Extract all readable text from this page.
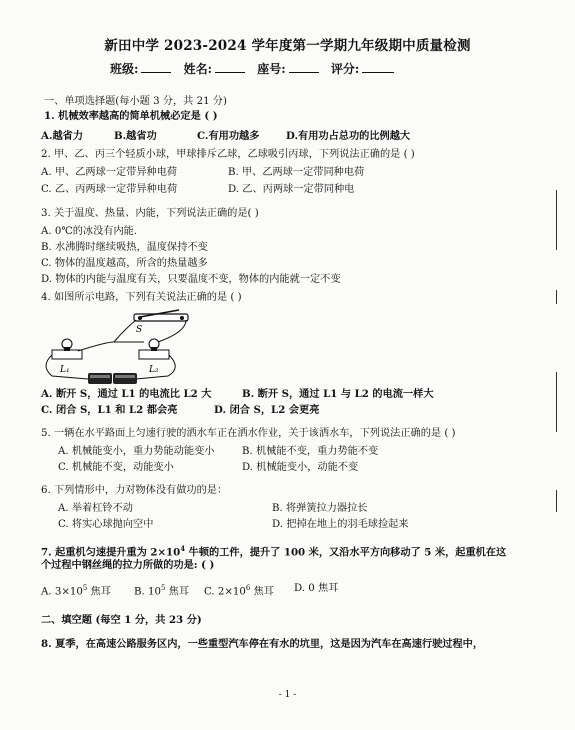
新田中学 2023-2024 学年度第一学期九年级期中质量检测
班级:	姓名:	座号:	评分:
一、单项选择题(每小题 3 分，共 21 分)
1. 机械效率越高的简单机械必定是 ( )
A.越省力	B.越省功	C.有用功越多	D.有用功占总功的比例越大
2. 甲、乙、丙三个轻质小球，甲球排斥乙球，乙球吸引丙球，下列说法正确的是 ( )
A. 甲、乙两球一定带异种电荷	B. 甲、乙两球一定带同种电荷
C. 乙、丙两球一定带异种电荷	D. 乙、丙两球一定带同种电
3. 关于温度、热量、内能，下列说法正确的是( )
A. 0℃的冰没有内能.
B. 水沸腾时继续吸热，温度保持不变
C. 物体的温度越高，所含的热量越多
D. 物体的内能与温度有关，只要温度不变，物体的内能就一定不变
4. 如图所示电路，下列有关说法正确的是 ( )
S
L₁	L₂
A. 断开 S，通过 L1 的电流比 L2 大	B. 断开 S，通过 L1 与 L2 的电流一样大
C. 闭合 S，L1 和 L2 都会亮	D. 闭合 S，L2 会更亮
5. 一辆在水平路面上匀速行驶的洒水车正在洒水作业，关于该洒水车，下列说法正确的是 ( )
A. 机械能变小，重力势能动能变小	B. 机械能不变，重力势能不变
C. 机械能不变，动能变小	D. 机械能变小，动能不变
6. 下列情形中，力对物体没有做功的是：
A. 举着杠铃不动	B. 将弹簧拉力器拉长
C. 将实心球抛向空中	D. 把掉在地上的羽毛球捡起来
7. 起重机匀速提升重为 $2\times 10^4$ 牛顿的工件，提升了 100 米，又沿水平方向移动了 5 米，起重机在这
个过程中钢丝绳的拉力所做的功是: ( )
A. $3\times 10^5$ 焦耳 B. $10^5$ 焦耳 C. $2\times 10^6$ 焦耳 D. 0 焦耳
二、填空题 (每空 1 分，共 23 分)
8. 夏季，在高速公路服务区内，一些重型汽车停在有水的坑里，这是因为汽车在高速行驶过程中，
- 1 -
